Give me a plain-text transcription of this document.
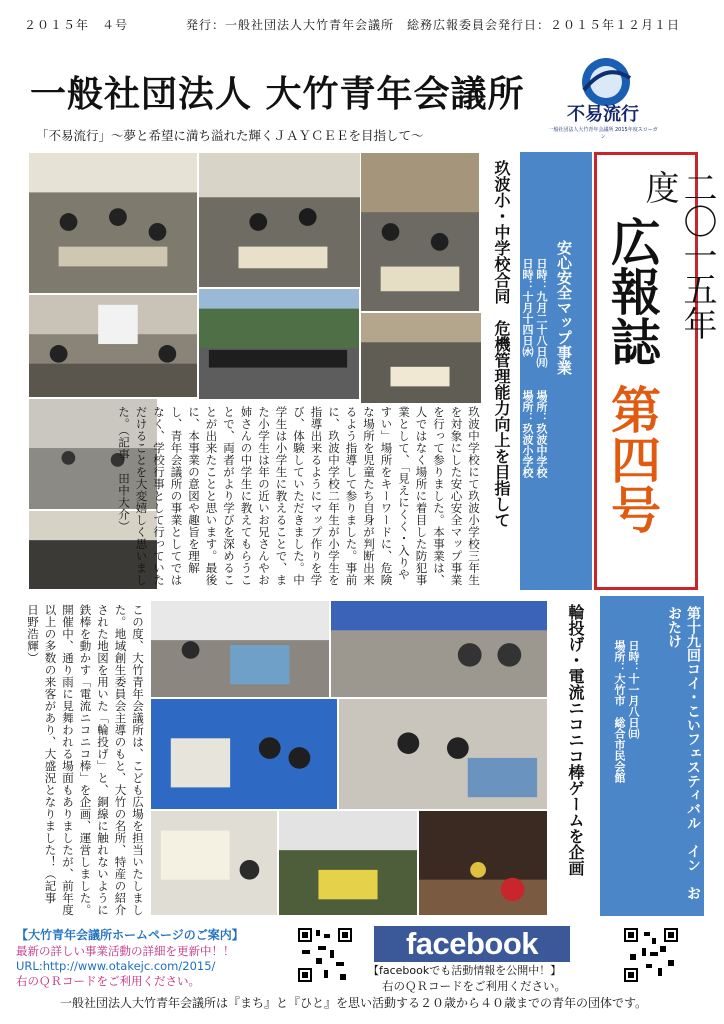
２０１５年　４号	発行：一般社団法人大竹青年会議所　総務広報委員会 発行日：２０１５年１２月１日
一般社団法人 大竹青年会議所
「不易流行」～夢と希望に満ち溢れた輝くＪＡＹＣＥＥを目指して～
不易流行
一般社団法人大竹青年会議所 2015年度スローガン
安心安全マップ事業
日時：九月二十八日㈪
場所：玖波中学校
日時：十月十四日㈬
場所：玖波小学校
玖波小・中学校合同　危機管理能力向上を目指して
玖波中学校にて玖波小学校三年生を対象にした安心安全マップ事業を行って参りました。本事業は、人ではなく場所に着目した防犯事業として、「見えにくく・入りやすい」場所をキーワードに、危険な場所を児童たち自身が判断出来るよう指導して参りました。事前に、玖波中学校二年生が小学生を指導出来るようにマップ作りを学び、体験していただきました。中学生は小学生に教えることで、また小学生は年の近いお兄さんやお姉さんの中学生に教えてもらうことで、両者がより学びを深めることが出来たことと思います。最後に、本事業の意図や趣旨を理解し、青年会議所の事業としてではなく、学校行事として行っていただけることを大変嬉しく思いました。（記事　田中大介）
二〇一五年度
広報誌
第四号
この度、大竹青年会議所は、こども広場を担当いたしました。地域創生委員会主導のもと、大竹の名所、特産の紹介された地図を用いた「輪投げ」と、銅線に触れないように鉄棒を動かす「電流ニコニコ棒」を企画、運営しました。開催中、通り雨に見舞われる場面もありましたが、前年度以上の多数の来客があり、大盛況となりました！（記事　日野浩輝）	輪投げ・電流ニコニコ棒ゲームを企画	第十九回コイ・こいフェスティバル　イン　おおたけ
日時：十一月八日㈰
場所：大竹市　総合市民会館
【大竹青年会議所ホームページのご案内】
最新の詳しい事業活動の詳細を更新中！！
URL:http://www.otakejc.com/2015/
右のＱＲコードをご利用ください。
facebook
【facebookでも活動情報を公開中！】
右のＱＲコードをご利用ください。
一般社団法人大竹青年会議所は『まち』と『ひと』を思い活動する２０歳から４０歳までの青年の団体です。
